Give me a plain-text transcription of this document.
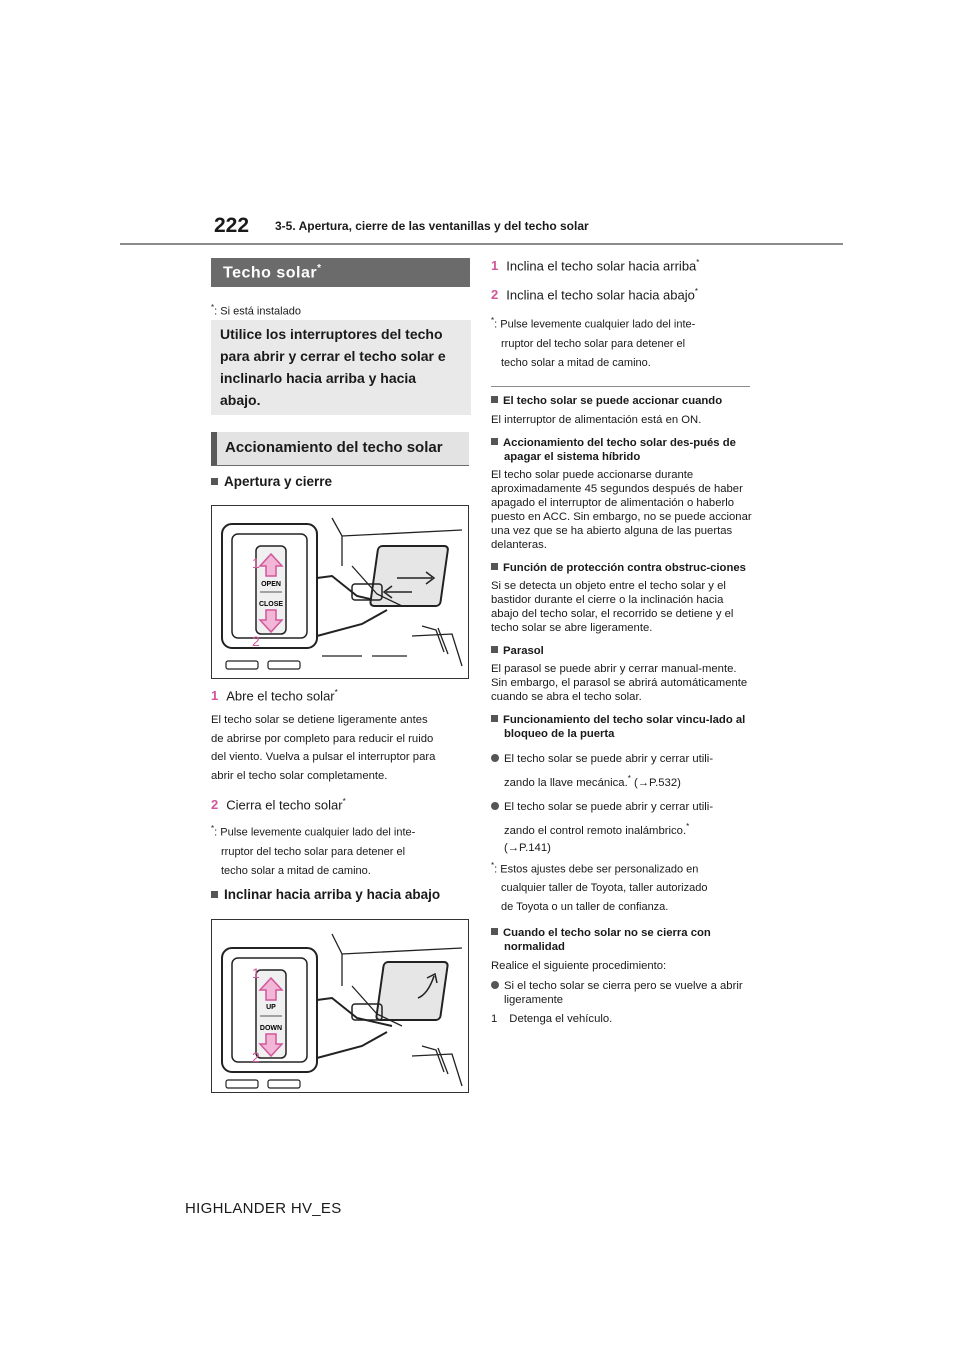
222 3-5. Apertura, cierre de las ventanillas y del techo solar
Techo solar*
*: Si está instalado
Utilice los interruptores del techo
para abrir y cerrar el techo solar e
inclinarlo hacia arriba y hacia
abajo.
Accionamiento del techo solar
Apertura y cierre
OPEN
CLOSE
1
2
1 Abre el techo solar*
El techo solar se detiene ligeramente antes
de abrirse por completo para reducir el ruido
del viento. Vuelva a pulsar el interruptor para
abrir el techo solar completamente.
2 Cierra el techo solar*
*: Pulse levemente cualquier lado del inte-
rruptor del techo solar para detener el
techo solar a mitad de camino.
Inclinar hacia arriba y hacia abajo
UP
DOWN
1
2
1 Inclina el techo solar hacia arriba*
2 Inclina el techo solar hacia abajo*
*: Pulse levemente cualquier lado del inte-
rruptor del techo solar para detener el
techo solar a mitad de camino.
El techo solar se puede accionar cuando
El interruptor de alimentación está en ON.
Accionamiento del techo solar des-pués de apagar el sistema híbrido
El techo solar puede accionarse durante aproximadamente 45 segundos después de haber apagado el interruptor de alimentación o haberlo puesto en ACC. Sin embargo, no se puede accionar una vez que se ha abierto alguna de las puertas delanteras.
Función de protección contra obstruc-ciones
Si se detecta un objeto entre el techo solar y el bastidor durante el cierre o la inclinación hacia abajo del techo solar, el recorrido se detiene y el techo solar se abre ligeramente.
Parasol
El parasol se puede abrir y cerrar manual-mente. Sin embargo, el parasol se abrirá automáticamente cuando se abra el techo solar.
Funcionamiento del techo solar vincu-lado al bloqueo de la puerta
El techo solar se puede abrir y cerrar utili-
zando la llave mecánica.* (→P.532)
El techo solar se puede abrir y cerrar utili-
zando el control remoto inalámbrico.*
(→P.141)
*: Estos ajustes debe ser personalizado en
cualquier taller de Toyota, taller autorizado
de Toyota o un taller de confianza.
Cuando el techo solar no se cierra con normalidad
Realice el siguiente procedimiento:
Si el techo solar se cierra pero se vuelve a abrir ligeramente
1 Detenga el vehículo.
HIGHLANDER HV_ES
